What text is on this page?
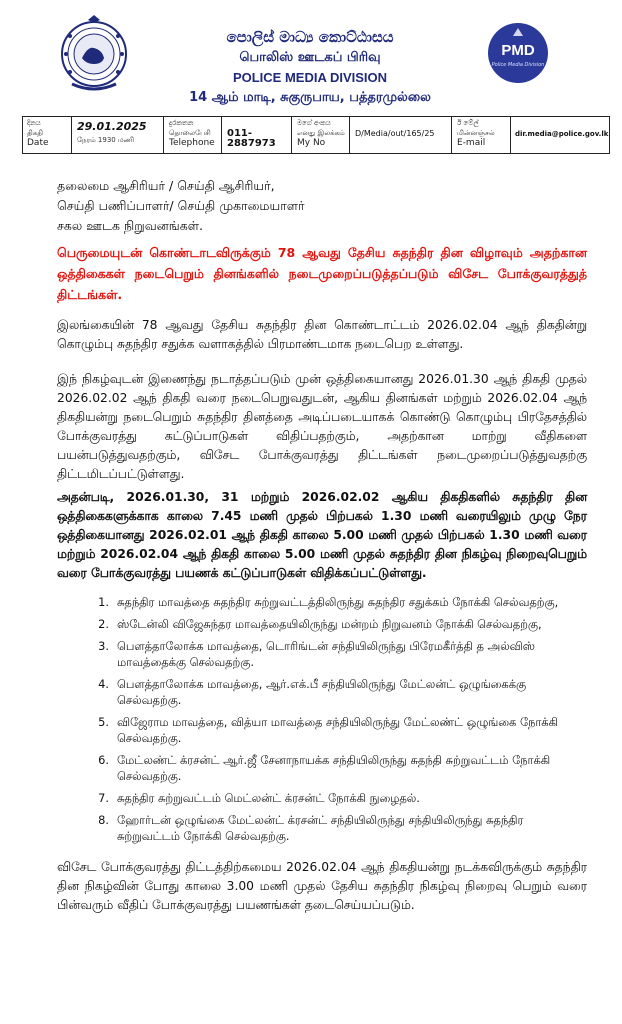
PMD
Police Media Division
පොලිස් මාධ්‍ය කොට්ඨාසය
பொலிஸ் ஊடகப் பிரிவு
POLICE MEDIA DIVISION
14 ஆம் மாடி, சுகுருபாய, பத்தரமுல்லை
දිනය
திகதி
Date
29.01.2025
நேரம் 1930 மணி
දුරකතන
தொலைபேசி
Telephone
011-2887973
මගේ අංකය
எனது இலக்கம்
My No
D/Media/out/165/25
ඊ මේල්
மின்னஞ்சல்
E-mail
dir.media@police.gov.lk
தலைமை ஆசிரியர் / செய்தி ஆசிரியர்,
செய்தி பணிப்பாளர்/ செய்தி முகாமையாளர்
சகல ஊடக நிறுவனங்கள்.
பெருமையுடன் கொண்டாடவிருக்கும் 78 ஆவது தேசிய சுதந்திர தின விழாவும் அதற்கான ஒத்திகைகள் நடைபெறும் தினங்களில் நடைமுறைப்படுத்தப்படும் விசேட போக்குவரத்துத் திட்டங்கள்.
இலங்கையின் 78 ஆவது தேசிய சுதந்திர தின கொண்டாட்டம் 2026.02.04 ஆந் திகதின்று கொழும்பு சுதந்திர சதுக்க வளாகத்தில் பிரமாண்டமாக நடைபெற உள்ளது.
இந் நிகழ்வுடன் இணைந்து நடாத்தப்படும் முன் ஒத்திகையானது 2026.01.30 ஆந் திகதி முதல் 2026.02.02 ஆந் திகதி வரை நடைபெறுவதுடன், ஆகிய தினங்கள் மற்றும் 2026.02.04 ஆந் திகதியன்று நடைபெறும் சுதந்திர தினத்தை அடிப்படையாகக் கொண்டு கொழும்பு பிரதேசத்தில் போக்குவரத்து கட்டுப்பாடுகள் விதிப்பதற்கும், அதற்கான மாற்று வீதிகளை பயன்படுத்துவதற்கும், விசேட போக்குவரத்து திட்டங்கள் நடைமுறைப்படுத்துவதற்கு திட்டமிடப்பட்டுள்ளது.
அதன்படி, 2026.01.30, 31 மற்றும் 2026.02.02 ஆகிய திகதிகளில் சுதந்திர தின ஒத்திகைகளுக்காக காலை 7.45 மணி முதல் பிற்பகல் 1.30 மணி வரையிலும் முழு நேர ஒத்திகையானது 2026.02.01 ஆந் திகதி காலை 5.00 மணி முதல் பிற்பகல் 1.30 மணி வரை மற்றும் 2026.02.04 ஆந் திகதி காலை 5.00 மணி முதல் சுதந்திர தின நிகழ்வு நிறைவுபெறும் வரை போக்குவரத்து பயணக் கட்டுப்பாடுகள் விதிக்கப்பட்டுள்ளது.
1. சுதந்திர மாவத்தை சுதந்திர சுற்றுவட்டத்திலிருந்து சுதந்திர சதுக்கம் நோக்கி செல்வதற்கு,
2. ஸ்டேன்லி விஜேசுந்தர மாவத்தையிலிருந்து மன்றம் நிறுவனம் நோக்கி செல்வதற்கு,
3. பௌத்தாலோக்க மாவத்தை, டொரிங்டன் சந்தியிலிருந்து பிரேமகீர்த்தி த அல்விஸ் மாவத்தைக்கு செல்வதற்கு.
4. பௌத்தாலோக்க மாவத்தை, ஆர்.எக்.பீ சந்தியிலிருந்து மேட்லன்ட் ஒழுங்கைக்கு செல்வதற்கு.
5. விஜேராம மாவத்தை, வித்யா மாவத்தை சந்தியிலிருந்து மேட்லண்ட் ஒழுங்கை நோக்கி செல்வதற்கு.
6. மேட்லண்ட் க்ரசன்ட் ஆர்.ஜீ சேனாநாயக்க சந்தியிலிருந்து சுதந்தி சுற்றுவட்டம் நோக்கி செல்வதற்கு.
7. சுதந்திர சுற்றுவட்டம் மெட்லன்ட் க்ரசன்ட் நோக்கி நுழைதல்.
8. ஹோர்டன் ஒழுங்கை மேட்லன்ட் க்ரசன்ட் சந்தியிலிருந்து சந்தியிலிருந்து சுதந்திர சுற்றுவட்டம் நோக்கி செல்வதற்கு.
விசேட போக்குவரத்து திட்டத்திற்கமைய 2026.02.04 ஆந் திகதியன்று நடக்கவிருக்கும் சுதந்திர தின நிகழ்வின் போது காலை 3.00 மணி முதல் தேசிய சுதந்திர நிகழ்வு நிறைவு பெறும் வரை பின்வரும் வீதிப் போக்குவரத்து பயணங்கள் தடைசெய்யப்படும்.
